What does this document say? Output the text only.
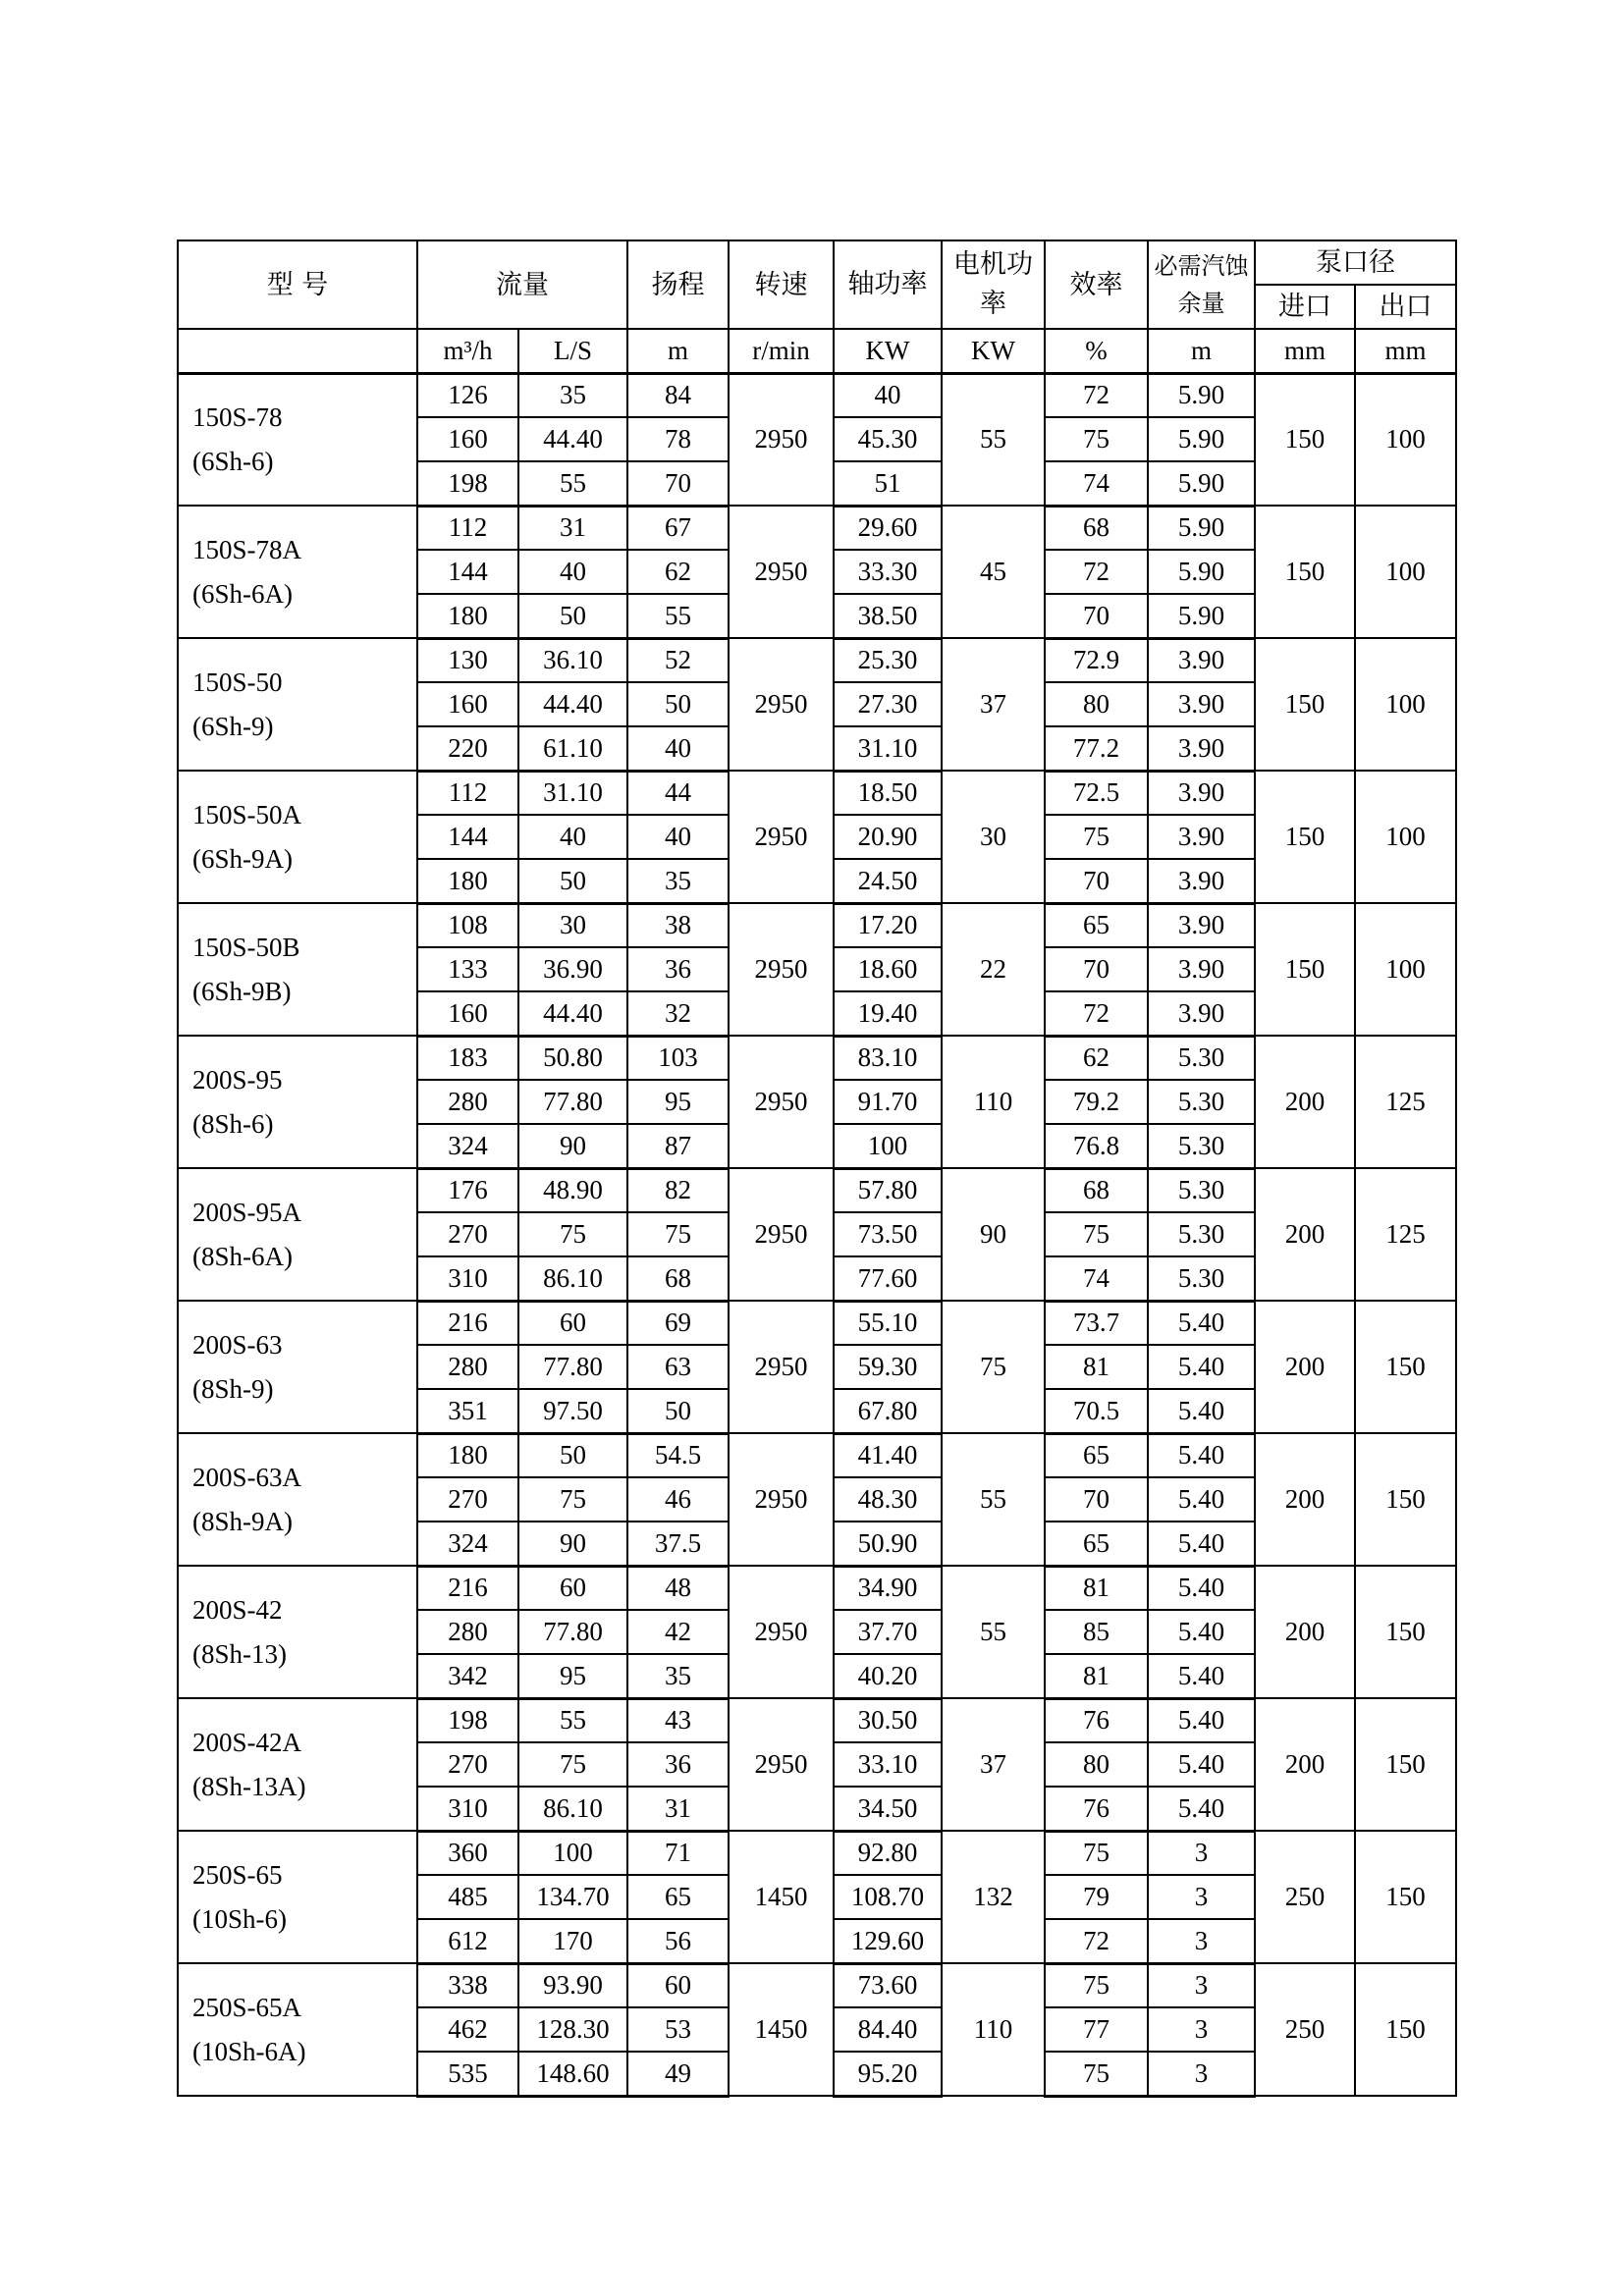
型 号	流量		扬程	转速	轴功率	电机功率	效率	必需汽蚀余量	泵口径	
									进口	出口
	m³/h	L/S	m	r/min	KW	KW	%	m	mm	mm

150S-78
(6Sh-6)	126	35	84	2950	40	55	72	5.90	150	100
	160	44.40	78		45.30		75	5.90		
	198	55	70		51		74	5.90		

150S-78A
(6Sh-6A)	112	31	67	2950	29.60	45	68	5.90	150	100
	144	40	62		33.30		72	5.90		
	180	50	55		38.50		70	5.90		

150S-50
(6Sh-9)	130	36.10	52	2950	25.30	37	72.9	3.90	150	100
	160	44.40	50		27.30		80	3.90		
	220	61.10	40		31.10		77.2	3.90		

150S-50A
(6Sh-9A)	112	31.10	44	2950	18.50	30	72.5	3.90	150	100
	144	40	40		20.90		75	3.90		
	180	50	35		24.50		70	3.90		

150S-50B
(6Sh-9B)	108	30	38	2950	17.20	22	65	3.90	150	100
	133	36.90	36		18.60		70	3.90		
	160	44.40	32		19.40		72	3.90		

200S-95
(8Sh-6)	183	50.80	103	2950	83.10	110	62	5.30	200	125
	280	77.80	95		91.70		79.2	5.30		
	324	90	87		100		76.8	5.30		

200S-95A
(8Sh-6A)	176	48.90	82	2950	57.80	90	68	5.30	200	125
	270	75	75		73.50		75	5.30		
	310	86.10	68		77.60		74	5.30		

200S-63
(8Sh-9)	216	60	69	2950	55.10	75	73.7	5.40	200	150
	280	77.80	63		59.30		81	5.40		
	351	97.50	50		67.80		70.5	5.40		

200S-63A
(8Sh-9A)	180	50	54.5	2950	41.40	55	65	5.40	200	150
	270	75	46		48.30		70	5.40		
	324	90	37.5		50.90		65	5.40		

200S-42
(8Sh-13)	216	60	48	2950	34.90	55	81	5.40	200	150
	280	77.80	42		37.70		85	5.40		
	342	95	35		40.20		81	5.40		

200S-42A
(8Sh-13A)	198	55	43	2950	30.50	37	76	5.40	200	150
	270	75	36		33.10		80	5.40		
	310	86.10	31		34.50		76	5.40		

250S-65
(10Sh-6)	360	100	71	1450	92.80	132	75	3	250	150
	485	134.70	65		108.70		79	3		
	612	170	56		129.60		72	3		

250S-65A
(10Sh-6A)	338	93.90	60	1450	73.60	110	75	3	250	150
	462	128.30	53		84.40		77	3		
	535	148.60	49		95.20		75	3		
